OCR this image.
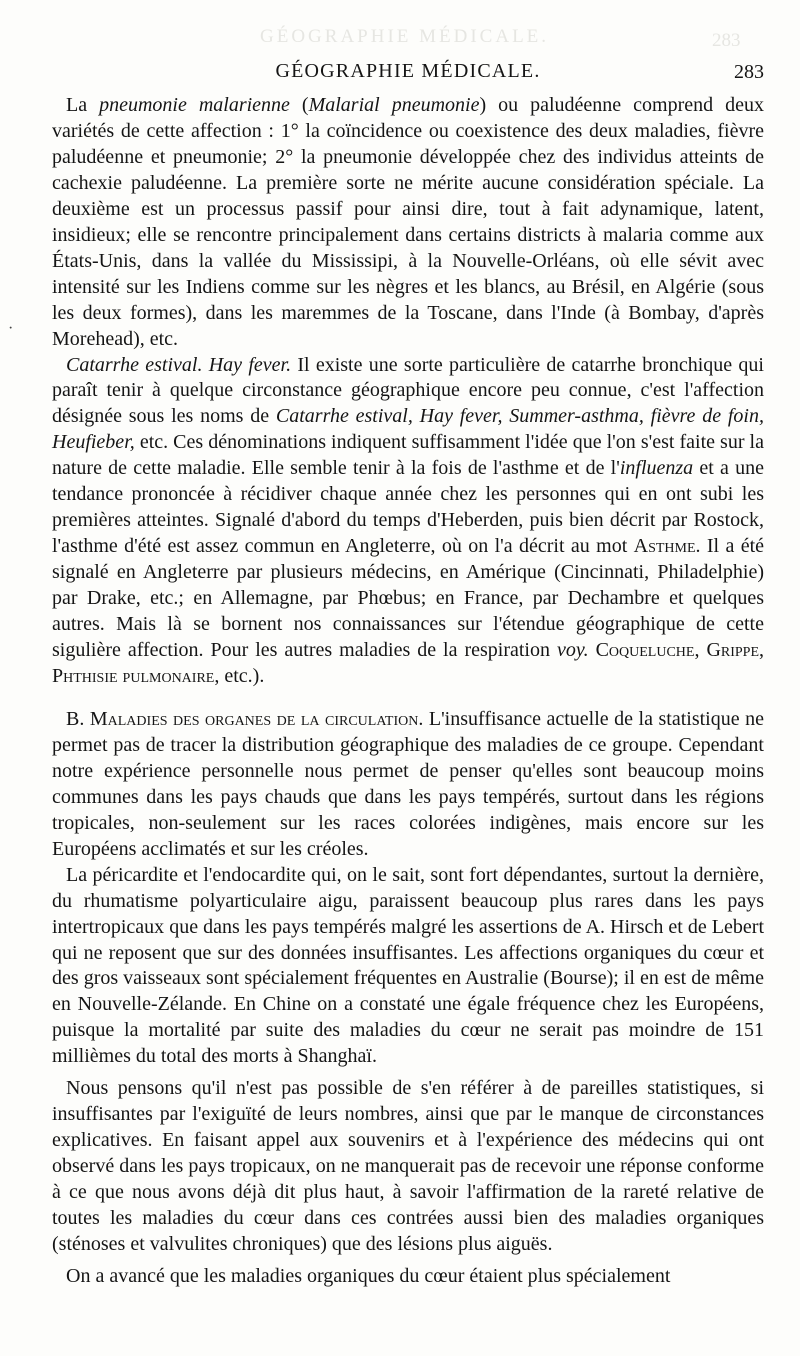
GÉOGRAPHIE MÉDICALE.	283
GÉOGRAPHIE MÉDICALE.	283
·

La pneumonie malarienne (Malarial pneumonie) ou paludéenne comprend deux variétés de cette affection : 1° la coïncidence ou coexistence des deux maladies, fièvre paludéenne et pneumonie; 2° la pneumonie développée chez des individus atteints de cachexie paludéenne. La première sorte ne mérite aucune considération spéciale. La deuxième est un processus passif pour ainsi dire, tout à fait adynamique, latent, insidieux; elle se rencontre principalement dans certains districts à malaria comme aux États-Unis, dans la vallée du Mississipi, à la Nouvelle-Orléans, où elle sévit avec intensité sur les Indiens comme sur les nègres et les blancs, au Brésil, en Algérie (sous les deux formes), dans les maremmes de la Toscane, dans l'Inde (à Bombay, d'après Morehead), etc.

Catarrhe estival. Hay fever. Il existe une sorte particulière de catarrhe bronchique qui paraît tenir à quelque circonstance géographique encore peu connue, c'est l'affection désignée sous les noms de Catarrhe estival, Hay fever, Summer-asthma, fièvre de foin, Heufieber, etc. Ces dénominations indiquent suffisamment l'idée que l'on s'est faite sur la nature de cette maladie. Elle semble tenir à la fois de l'asthme et de l'influenza et a une tendance prononcée à récidiver chaque année chez les personnes qui en ont subi les premières atteintes. Signalé d'abord du temps d'Heberden, puis bien décrit par Rostock, l'asthme d'été est assez commun en Angleterre, où on l'a décrit au mot Asthme. Il a été signalé en Angleterre par plusieurs médecins, en Amérique (Cincinnati, Philadelphie) par Drake, etc.; en Allemagne, par Phœbus; en France, par Dechambre et quelques autres. Mais là se bornent nos connaissances sur l'étendue géographique de cette sigulière affection. Pour les autres maladies de la respiration voy. Coqueluche, Grippe, Phthisie pulmonaire, etc.).

B. Maladies des organes de la circulation. L'insuffisance actuelle de la statistique ne permet pas de tracer la distribution géographique des maladies de ce groupe. Cependant notre expérience personnelle nous permet de penser qu'elles sont beaucoup moins communes dans les pays chauds que dans les pays tempérés, surtout dans les régions tropicales, non-seulement sur les races colorées indigènes, mais encore sur les Européens acclimatés et sur les créoles.

La péricardite et l'endocardite qui, on le sait, sont fort dépendantes, surtout la dernière, du rhumatisme polyarticulaire aigu, paraissent beaucoup plus rares dans les pays intertropicaux que dans les pays tempérés malgré les assertions de A. Hirsch et de Lebert qui ne reposent que sur des données insuffisantes. Les affections organiques du cœur et des gros vaisseaux sont spécialement fréquentes en Australie (Bourse); il en est de même en Nouvelle-Zélande. En Chine on a constaté une égale fréquence chez les Européens, puisque la mortalité par suite des maladies du cœur ne serait pas moindre de 151 millièmes du total des morts à Shanghaï.

Nous pensons qu'il n'est pas possible de s'en référer à de pareilles statistiques, si insuffisantes par l'exiguïté de leurs nombres, ainsi que par le manque de circonstances explicatives. En faisant appel aux souvenirs et à l'expérience des médecins qui ont observé dans les pays tropicaux, on ne manquerait pas de recevoir une réponse conforme à ce que nous avons déjà dit plus haut, à savoir l'affirmation de la rareté relative de toutes les maladies du cœur dans ces contrées aussi bien des maladies organiques (sténoses et valvulites chroniques) que des lésions plus aiguës.

On a avancé que les maladies organiques du cœur étaient plus spécialement
